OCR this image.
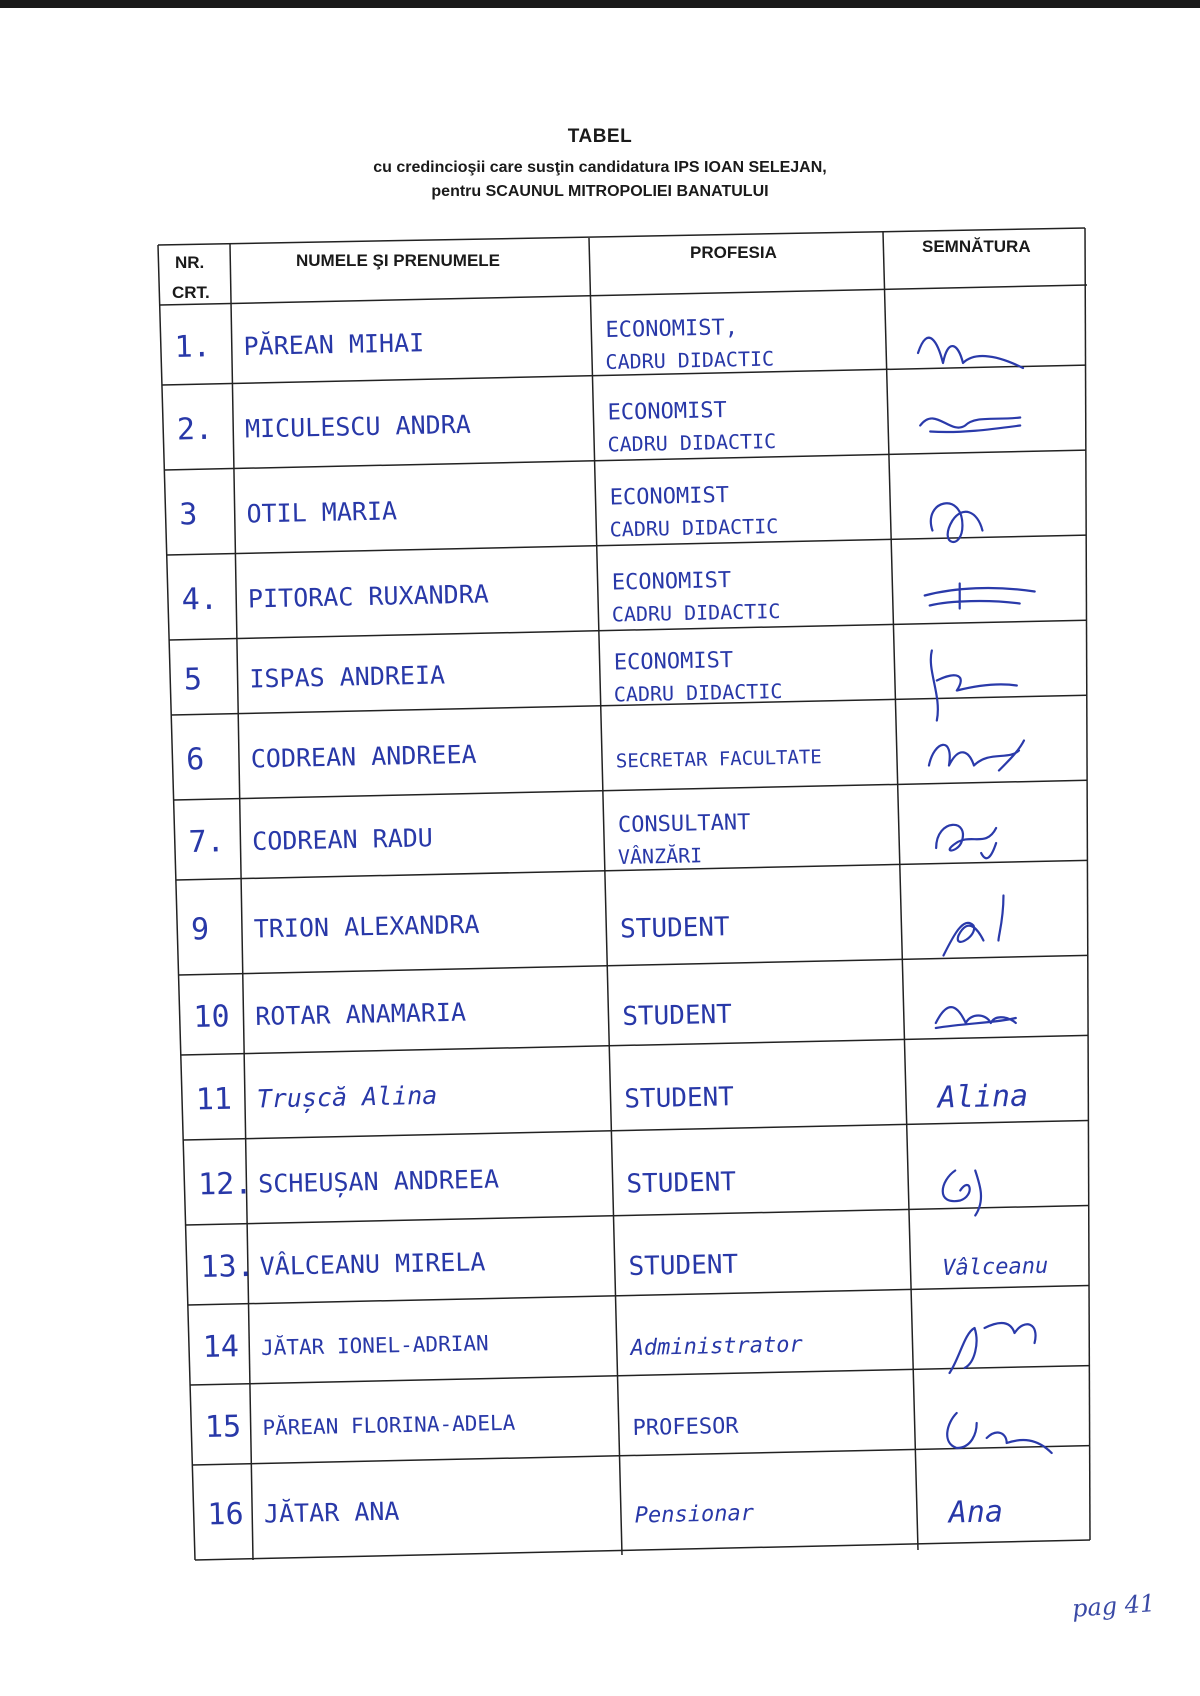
TABEL
cu credincioşii care susţin candidatura IPS IOAN SELEJAN,
pentru SCAUNUL MITROPOLIEI BANATULUI
NR.
CRT.
NUMELE ŞI PRENUMELE	PROFESIA	SEMNĂTURA
1. PĂREAN MIHAI	ECONOMIST,
CADRU DIDACTIC
2. MICULESCU ANDRA	ECONOMIST
CADRU DIDACTIC
3 OTIL MARIA	ECONOMIST
CADRU DIDACTIC
4. PITORAC RUXANDRA	ECONOMIST
CADRU DIDACTIC
5 ISPAS ANDREIA	ECONOMIST
CADRU DIDACTIC
6 CODREAN ANDREEA	SECRETAR FACULTATE
7. CODREAN RADU	CONSULTANT
VÂNZĂRI
9 TRION ALEXANDRA	STUDENT
10 ROTAR ANAMARIA	STUDENT
11 Trușcă Alina	STUDENT	Alina
12. SCHEUȘAN ANDREEA	STUDENT
13. VÂLCEANU MIRELA	STUDENT	Vâlceanu
14 JĂTAR IONEL-ADRIAN	Administrator
15 PĂREAN FLORINA-ADELA	PROFESOR
16 JĂTAR ANA	Pensionar	Ana
pag 41
